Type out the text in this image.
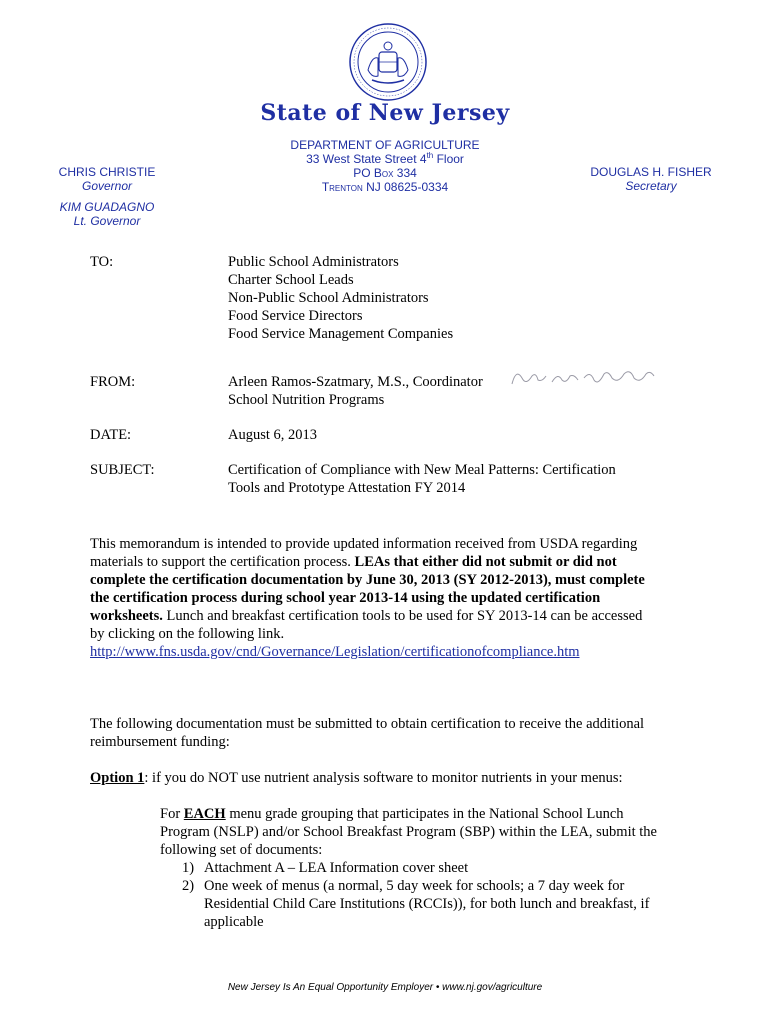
State of New Jersey
DEPARTMENT OF AGRICULTURE
33 West State Street 4th Floor
PO Box 334
Trenton NJ 08625-0334
CHRIS CHRISTIE
Governor
KIM GUADAGNO
Lt. Governor
DOUGLAS H. FISHER
Secretary
TO:	Public School Administrators
Charter School Leads
Non-Public School Administrators
Food Service Directors
Food Service Management Companies
FROM:	Arleen Ramos-Szatmary, M.S., Coordinator
School Nutrition Programs
DATE:	August 6, 2013
SUBJECT:	Certification of Compliance with New Meal Patterns: Certification
Tools and Prototype Attestation FY 2014
This memorandum is intended to provide updated information received from USDA regarding
materials to support the certification process. LEAs that either did not submit or did not
complete the certification documentation by June 30, 2013 (SY 2012-2013), must complete
the certification process during school year 2013-14 using the updated certification
worksheets. Lunch and breakfast certification tools to be used for SY 2013-14 can be accessed
by clicking on the following link.
http://www.fns.usda.gov/cnd/Governance/Legislation/certificationofcompliance.htm
The following documentation must be submitted to obtain certification to receive the additional
reimbursement funding:
Option 1: if you do NOT use nutrient analysis software to monitor nutrients in your menus:
For EACH menu grade grouping that participates in the National School Lunch
Program (NSLP) and/or School Breakfast Program (SBP) within the LEA, submit the
following set of documents:
1) Attachment A – LEA Information cover sheet
2) One week of menus (a normal, 5 day week for schools; a 7 day week for
Residential Child Care Institutions (RCCIs)), for both lunch and breakfast, if
applicable
New Jersey Is An Equal Opportunity Employer • www.nj.gov/agriculture
